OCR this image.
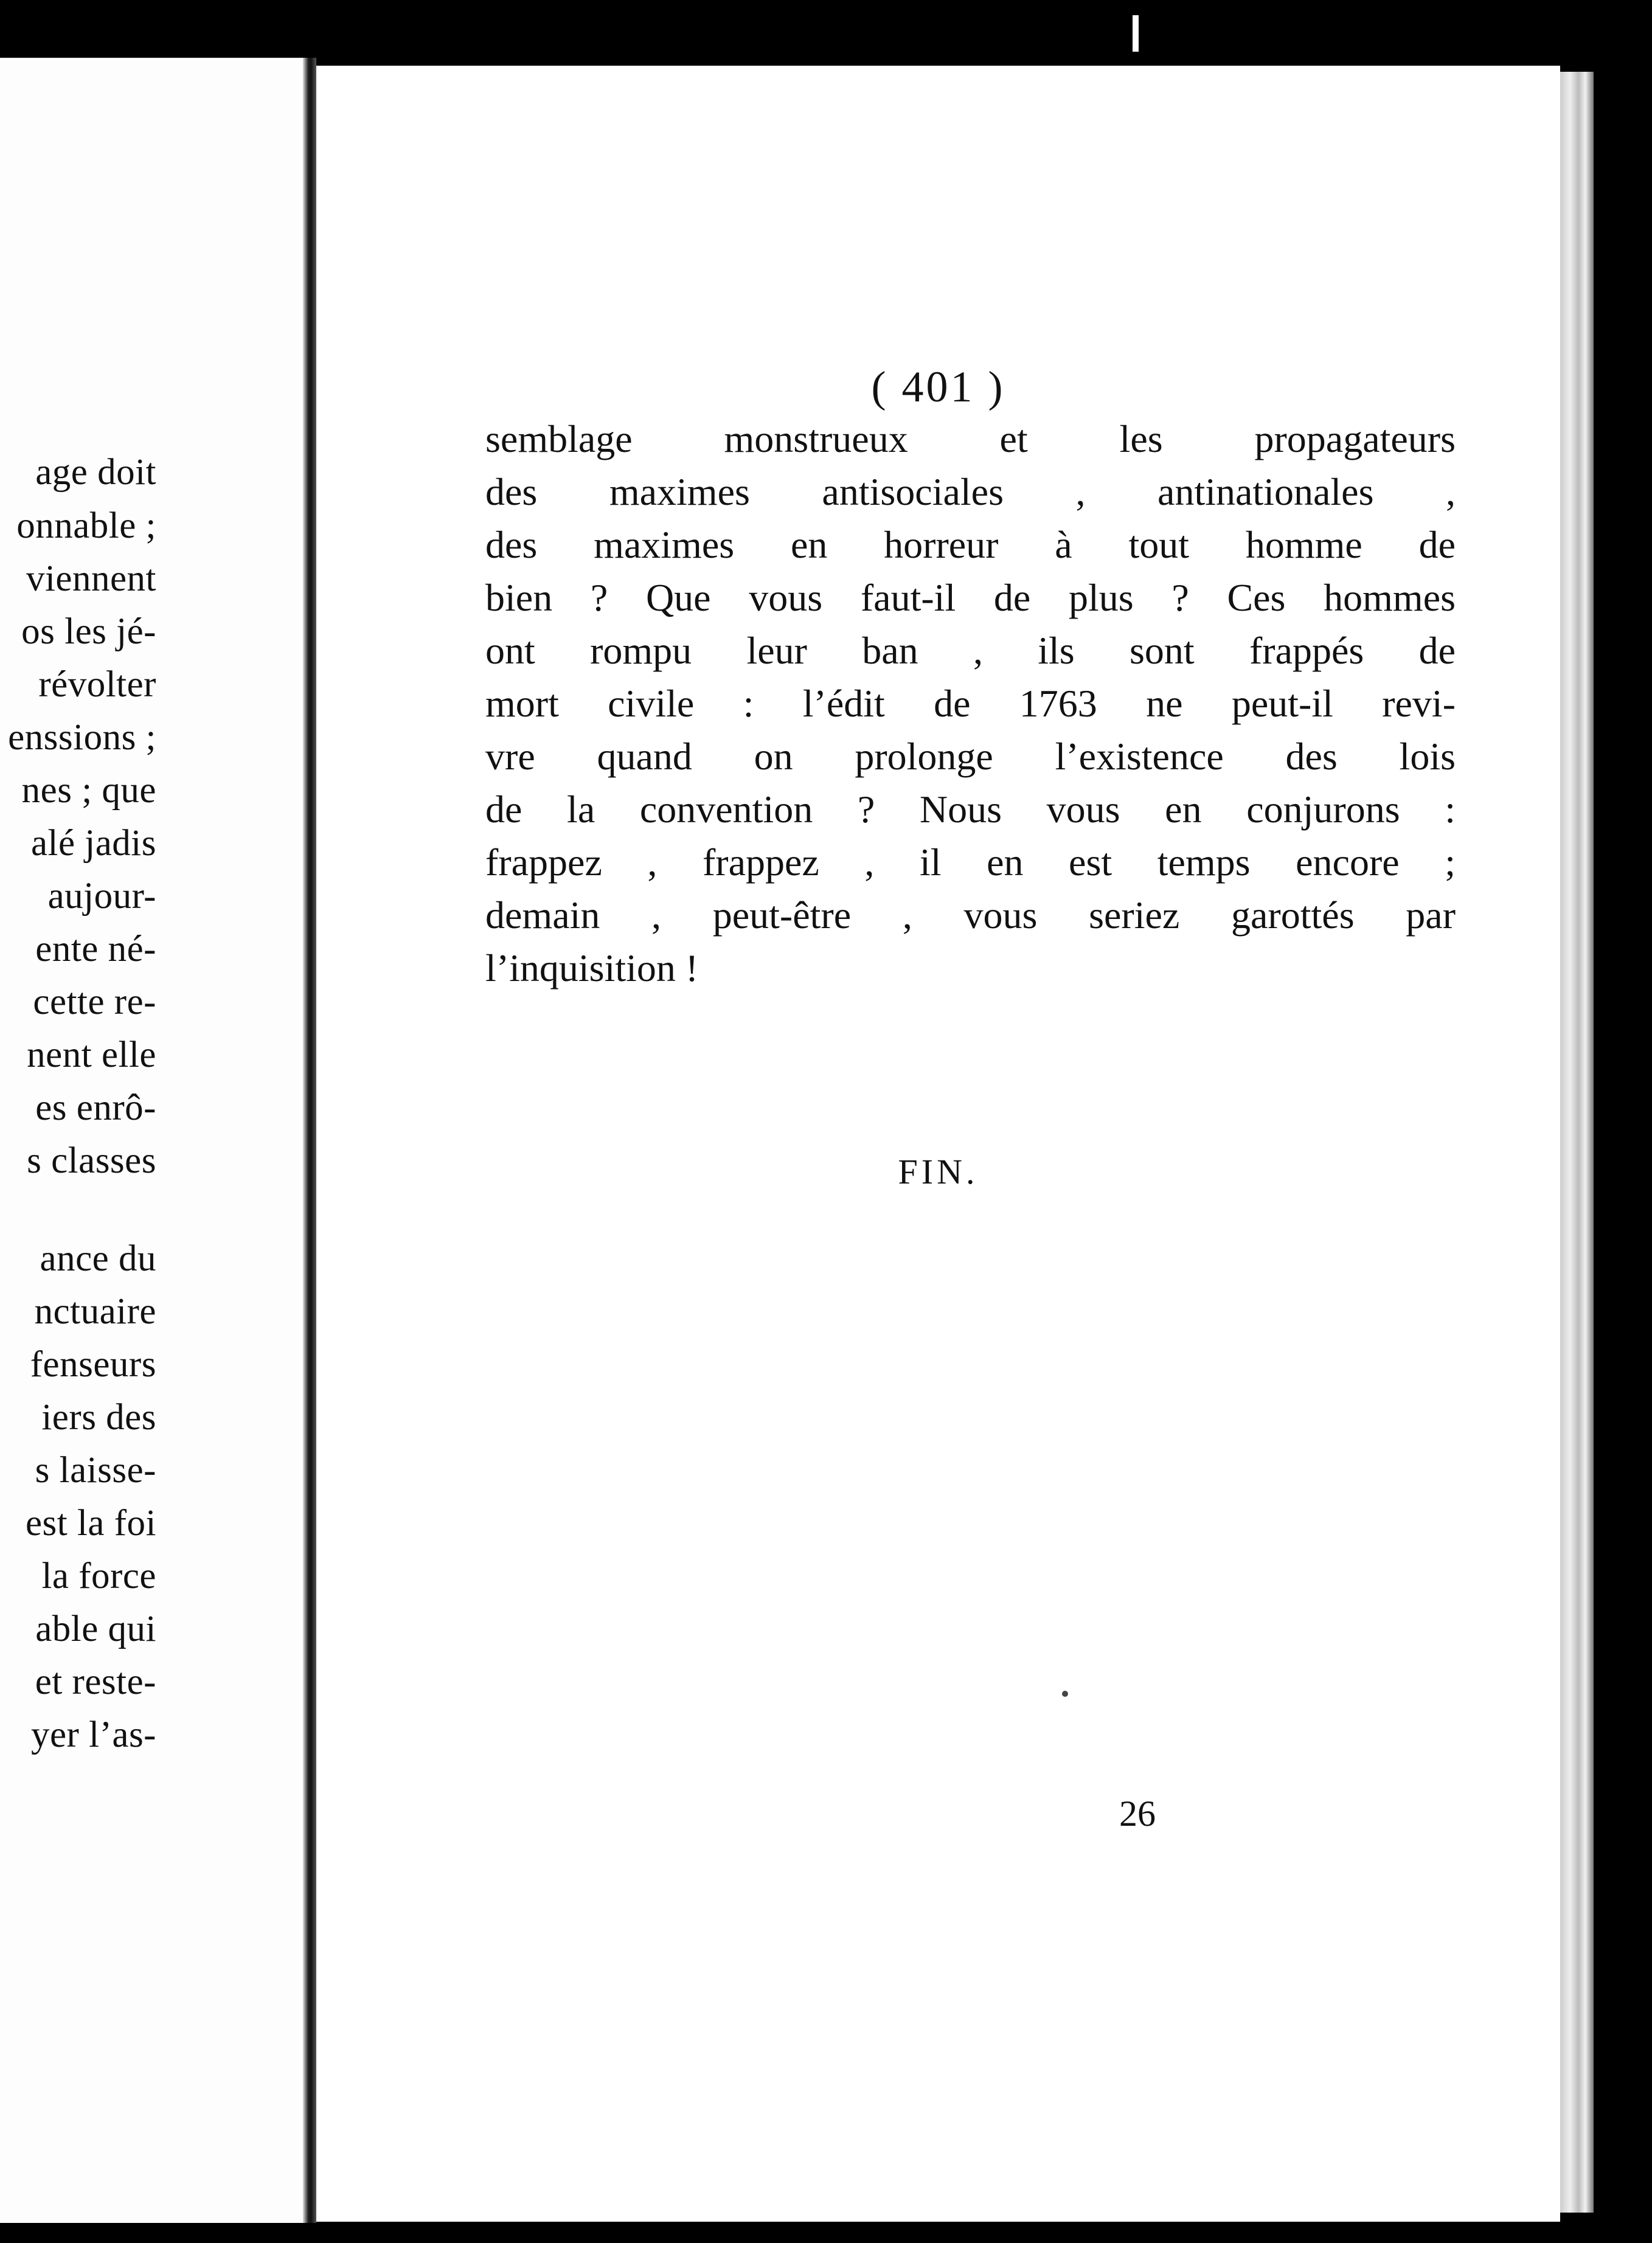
age doit
onnable ;
viennent
os les jé-
révolter
enssions ;
nes ; que
alé jadis
aujour-
ente né-
cette re-
nent elle
es enrô-
s classes
ance du
nctuaire
fenseurs
iers des
s laisse-
est la foi
la force
able qui
et reste-
yer l’as-
( 401 )
semblage monstrueux et les propagateurs
des maximes antisociales , antinationales ,
des maximes en horreur à tout homme de
bien ? Que vous faut-il de plus ? Ces hommes
ont rompu leur ban , ils sont frappés de
mort civile : l’édit de 1763 ne peut-il revi-
vre quand on prolonge l’existence des lois
de la convention ? Nous vous en conjurons :
frappez , frappez , il en est temps encore ;
demain , peut-être , vous seriez garottés par
l’inquisition !
FIN.
26
